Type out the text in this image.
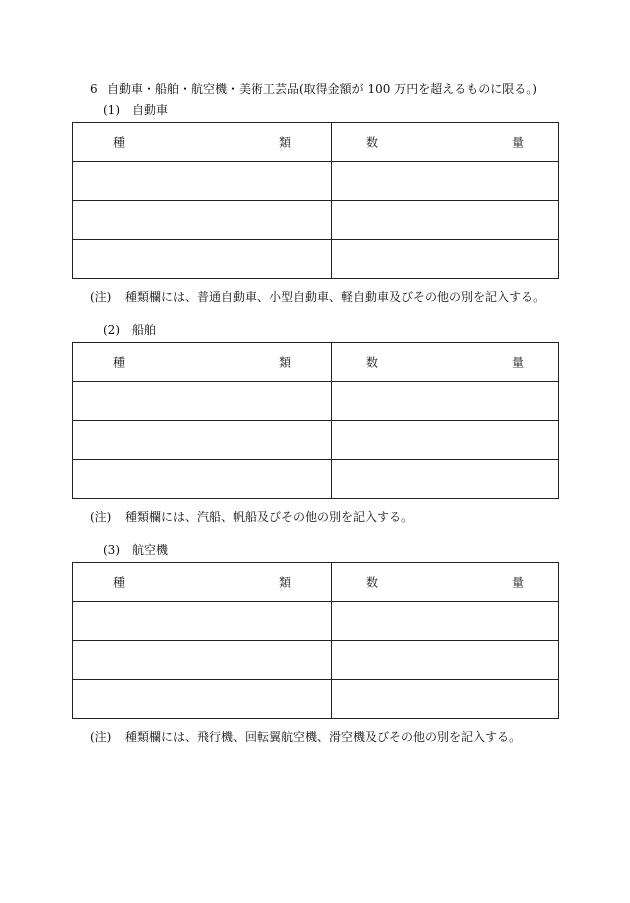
6 自動車・船舶・航空機・美術工芸品(取得金額が 100 万円を超えるものに限る。)
(1) 自動車
種 類	数 量

(注) 種類欄には、普通自動車、小型自動車、軽自動車及びその他の別を記入する。
(2) 船舶
種 類	数 量

(注) 種類欄には、汽船、帆船及びその他の別を記入する。
(3) 航空機
種 類	数 量

(注) 種類欄には、飛行機、回転翼航空機、滑空機及びその他の別を記入する。
